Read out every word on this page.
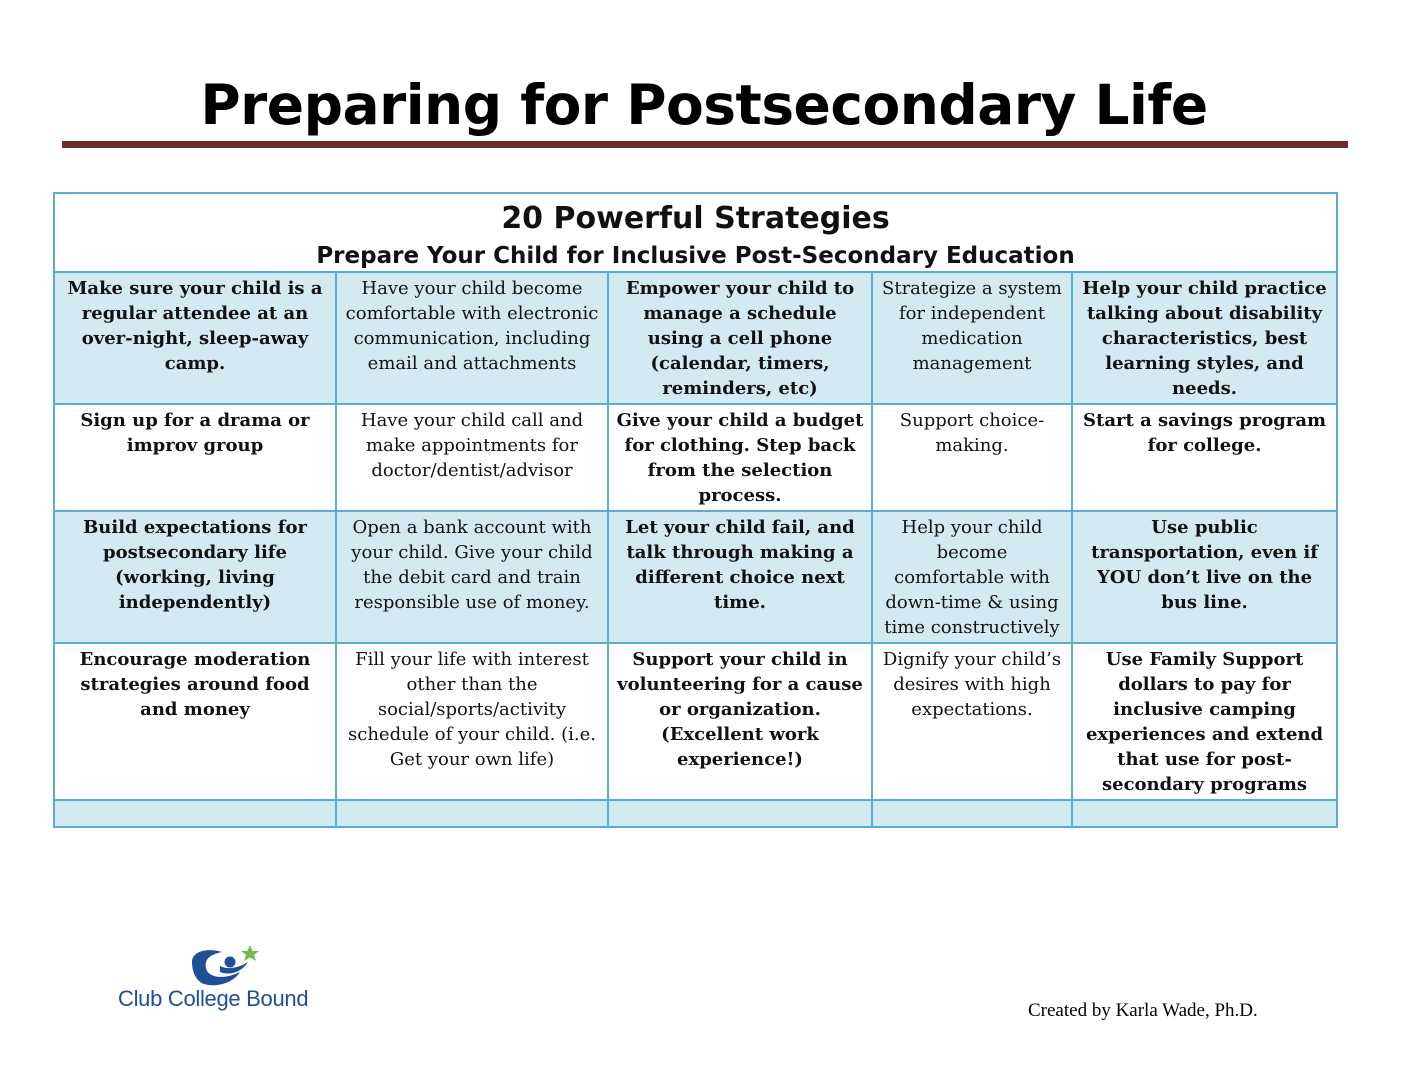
Preparing for Postsecondary Life
20 Powerful Strategies
Prepare Your Child for Inclusive Post-Secondary Education				

Make sure your child is a regular attendee at an over-night, sleep-away camp.	Have your child become comfortable with electronic communication, including email and attachments	Empower your child to manage a schedule using a cell phone (calendar, timers, reminders, etc)	Strategize a system for independent medication management	Help your child practice talking about disability characteristics, best learning styles, and needs.
Sign up for a drama or improv group	Have your child call and make appointments for doctor/dentist/advisor	Give your child a budget for clothing. Step back from the selection process.	Support choice-making.	Start a savings program for college.
Build expectations for postsecondary life (working, living independently)	Open a bank account with your child. Give your child the debit card and train responsible use of money.	Let your child fail, and talk through making a different choice next time.	Help your child become comfortable with down-time & using time constructively	Use public transportation, even if YOU don’t live on the bus line.
Encourage moderation strategies around food and money	Fill your life with interest other than the social/sports/activity schedule of your child. (i.e. Get your own life)	Support your child in volunteering for a cause or organization. (Excellent work experience!)	Dignify your child’s desires with high expectations.	Use Family Support dollars to pay for inclusive camping experiences and extend that use for post-secondary programs

Club College Bound	Created by Karla Wade, Ph.D.
